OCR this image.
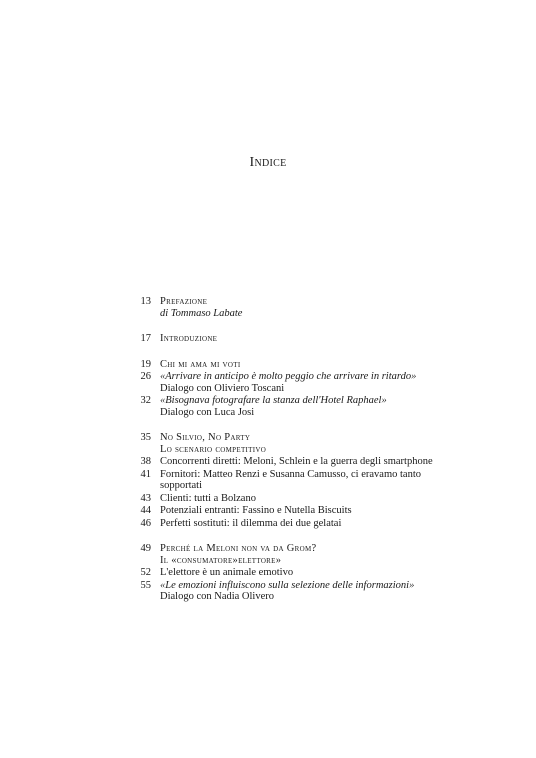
Indice
13 Prefazione
di Tommaso Labate
17 Introduzione
19 Chi mi ama mi voti
26 «Arrivare in anticipo è molto peggio che arrivare in ritardo»
Dialogo con Oliviero Toscani
32 «Bisognava fotografare la stanza dell'Hotel Raphael»
Dialogo con Luca Josi
35 No Silvio, No Party
Lo scenario competitivo
38 Concorrenti diretti: Meloni, Schlein e la guerra degli smartphone
41 Fornitori: Matteo Renzi e Susanna Camusso, ci eravamo tanto
sopportati
43 Clienti: tutti a Bolzano
44 Potenziali entranti: Fassino e Nutella Biscuits
46 Perfetti sostituti: il dilemma dei due gelatai
49 Perché la Meloni non va da Grom?
Il «consumatore»elettore»
52 L'elettore è un animale emotivo
55 «Le emozioni influiscono sulla selezione delle informazioni»
Dialogo con Nadia Olivero
